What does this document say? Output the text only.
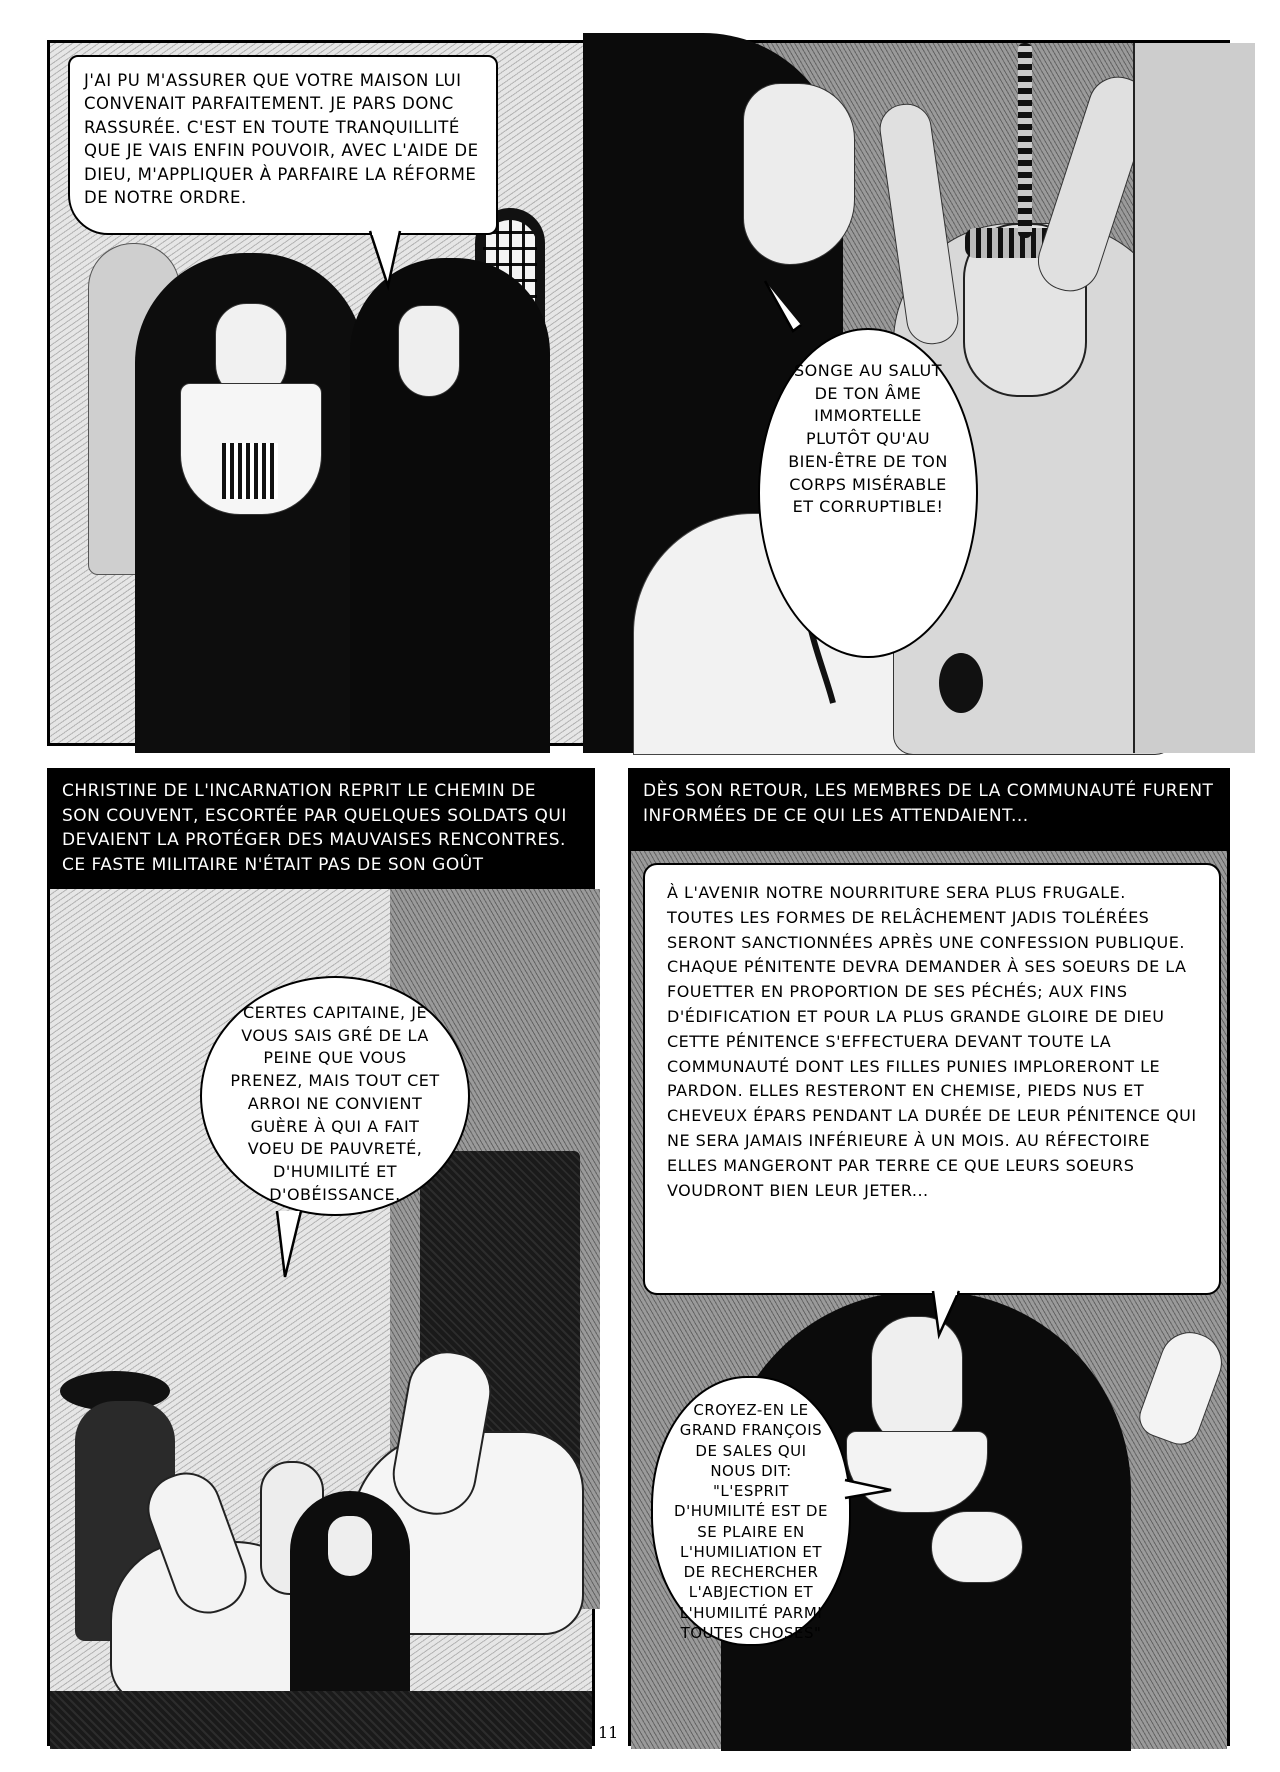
J'AI PU M'ASSURER QUE VOTRE MAISON LUI CONVENAIT PARFAITEMENT. JE PARS DONC RASSURÉE. C'EST EN TOUTE TRANQUILLITÉ QUE JE VAIS ENFIN POUVOIR, AVEC L'AIDE DE DIEU, M'APPLIQUER À PARFAIRE LA RÉFORME DE NOTRE ORDRE.
SONGE AU SALUT DE TON ÂME IMMORTELLE PLUTÔT QU'AU BIEN-ÊTRE DE TON CORPS MISÉRABLE ET CORRUPTIBLE!
CHRISTINE DE L'INCARNATION REPRIT LE CHEMIN DE SON COUVENT, ESCORTÉE PAR QUELQUES SOLDATS QUI DEVAIENT LA PROTÉGER DES MAUVAISES RENCONTRES. CE FASTE MILITAIRE N'ÉTAIT PAS DE SON GOÛT
CERTES CAPITAINE, JE VOUS SAIS GRÉ DE LA PEINE QUE VOUS PRENEZ, MAIS TOUT CET ARROI NE CONVIENT GUÈRE À QUI A FAIT VOEU DE PAUVRETÉ, D'HUMILITÉ ET D'OBÉISSANCE.
11
DÈS SON RETOUR, LES MEMBRES DE LA COMMUNAUTÉ FURENT INFORMÉES DE CE QUI LES ATTENDAIENT...
À L'AVENIR NOTRE NOURRITURE SERA PLUS FRUGALE. TOUTES LES FORMES DE RELÂCHEMENT JADIS TOLÉRÉES SERONT SANCTIONNÉES APRÈS UNE CONFESSION PUBLIQUE. CHAQUE PÉNITENTE DEVRA DEMANDER À SES SOEURS DE LA FOUETTER EN PROPORTION DE SES PÉCHÉS; AUX FINS D'ÉDIFICATION ET POUR LA PLUS GRANDE GLOIRE DE DIEU CETTE PÉNITENCE S'EFFECTUERA DEVANT TOUTE LA COMMUNAUTÉ DONT LES FILLES PUNIES IMPLORERONT LE PARDON. ELLES RESTERONT EN CHEMISE, PIEDS NUS ET CHEVEUX ÉPARS PENDANT LA DURÉE DE LEUR PÉNITENCE QUI NE SERA JAMAIS INFÉRIEURE À UN MOIS. AU RÉFECTOIRE ELLES MANGERONT PAR TERRE CE QUE LEURS SOEURS VOUDRONT BIEN LEUR JETER...
CROYEZ-EN LE GRAND FRANÇOIS DE SALES QUI NOUS DIT: "L'ESPRIT D'HUMILITÉ EST DE SE PLAIRE EN L'HUMILIATION ET DE RECHERCHER L'ABJECTION ET L'HUMILITÉ PARMI TOUTES CHOSES"
